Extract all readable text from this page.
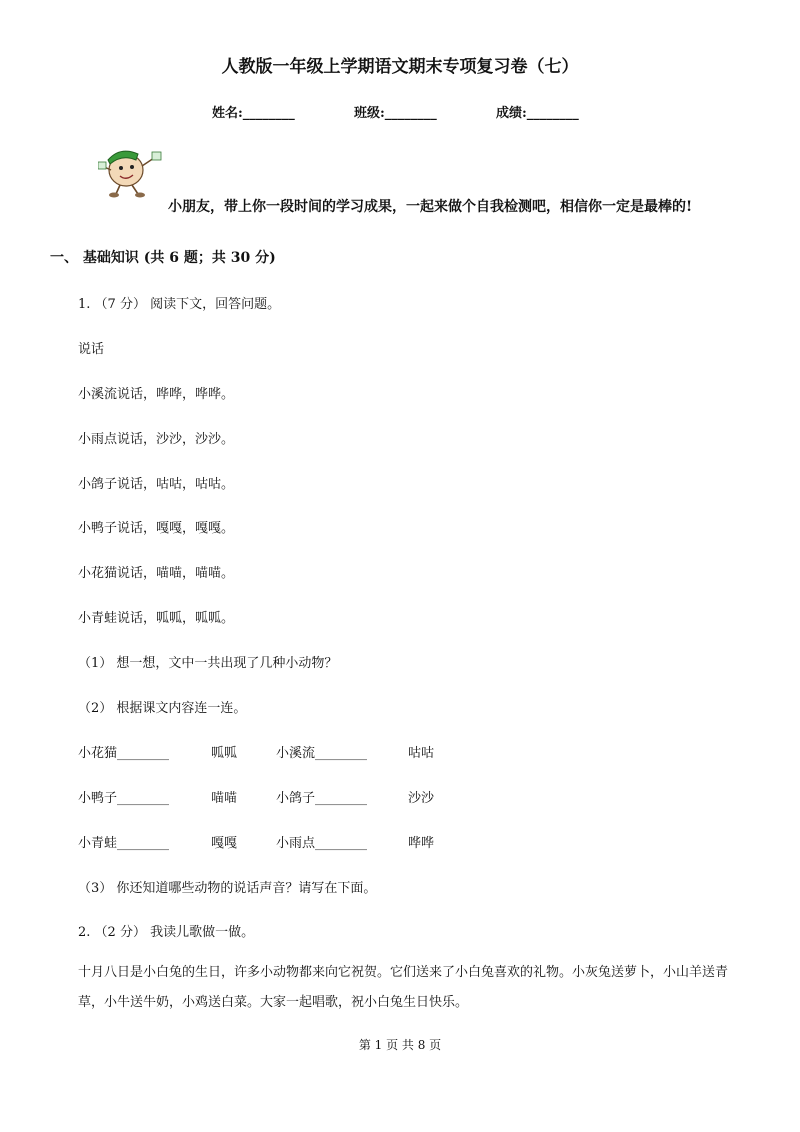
人教版一年级上学期语文期末专项复习卷（七）
姓名:________	班级:________	成绩:________
小朋友，带上你一段时间的学习成果，一起来做个自我检测吧，相信你一定是最棒的!
一、 基础知识 (共 6 题；共 30 分)
1. （7 分） 阅读下文，回答问题。
说话
小溪流说话，哗哗，哗哗。
小雨点说话，沙沙，沙沙。
小鸽子说话，咕咕，咕咕。
小鸭子说话，嘎嘎，嘎嘎。
小花猫说话，喵喵，喵喵。
小青蛙说话，呱呱，呱呱。
（1） 想一想，文中一共出现了几种小动物？
（2） 根据课文内容连一连。
小花猫________	呱呱	小溪流________	咕咕
小鸭子________	喵喵	小鸽子________	沙沙
小青蛙________	嘎嘎	小雨点________	哗哗
（3） 你还知道哪些动物的说话声音？请写在下面。
2. （2 分） 我读儿歌做一做。
十月八日是小白兔的生日，许多小动物都来向它祝贺。它们送来了小白兔喜欢的礼物。小灰兔送萝卜，小山羊送青草，小牛送牛奶，小鸡送白菜。大家一起唱歌，祝小白兔生日快乐。
第 1 页 共 8 页
